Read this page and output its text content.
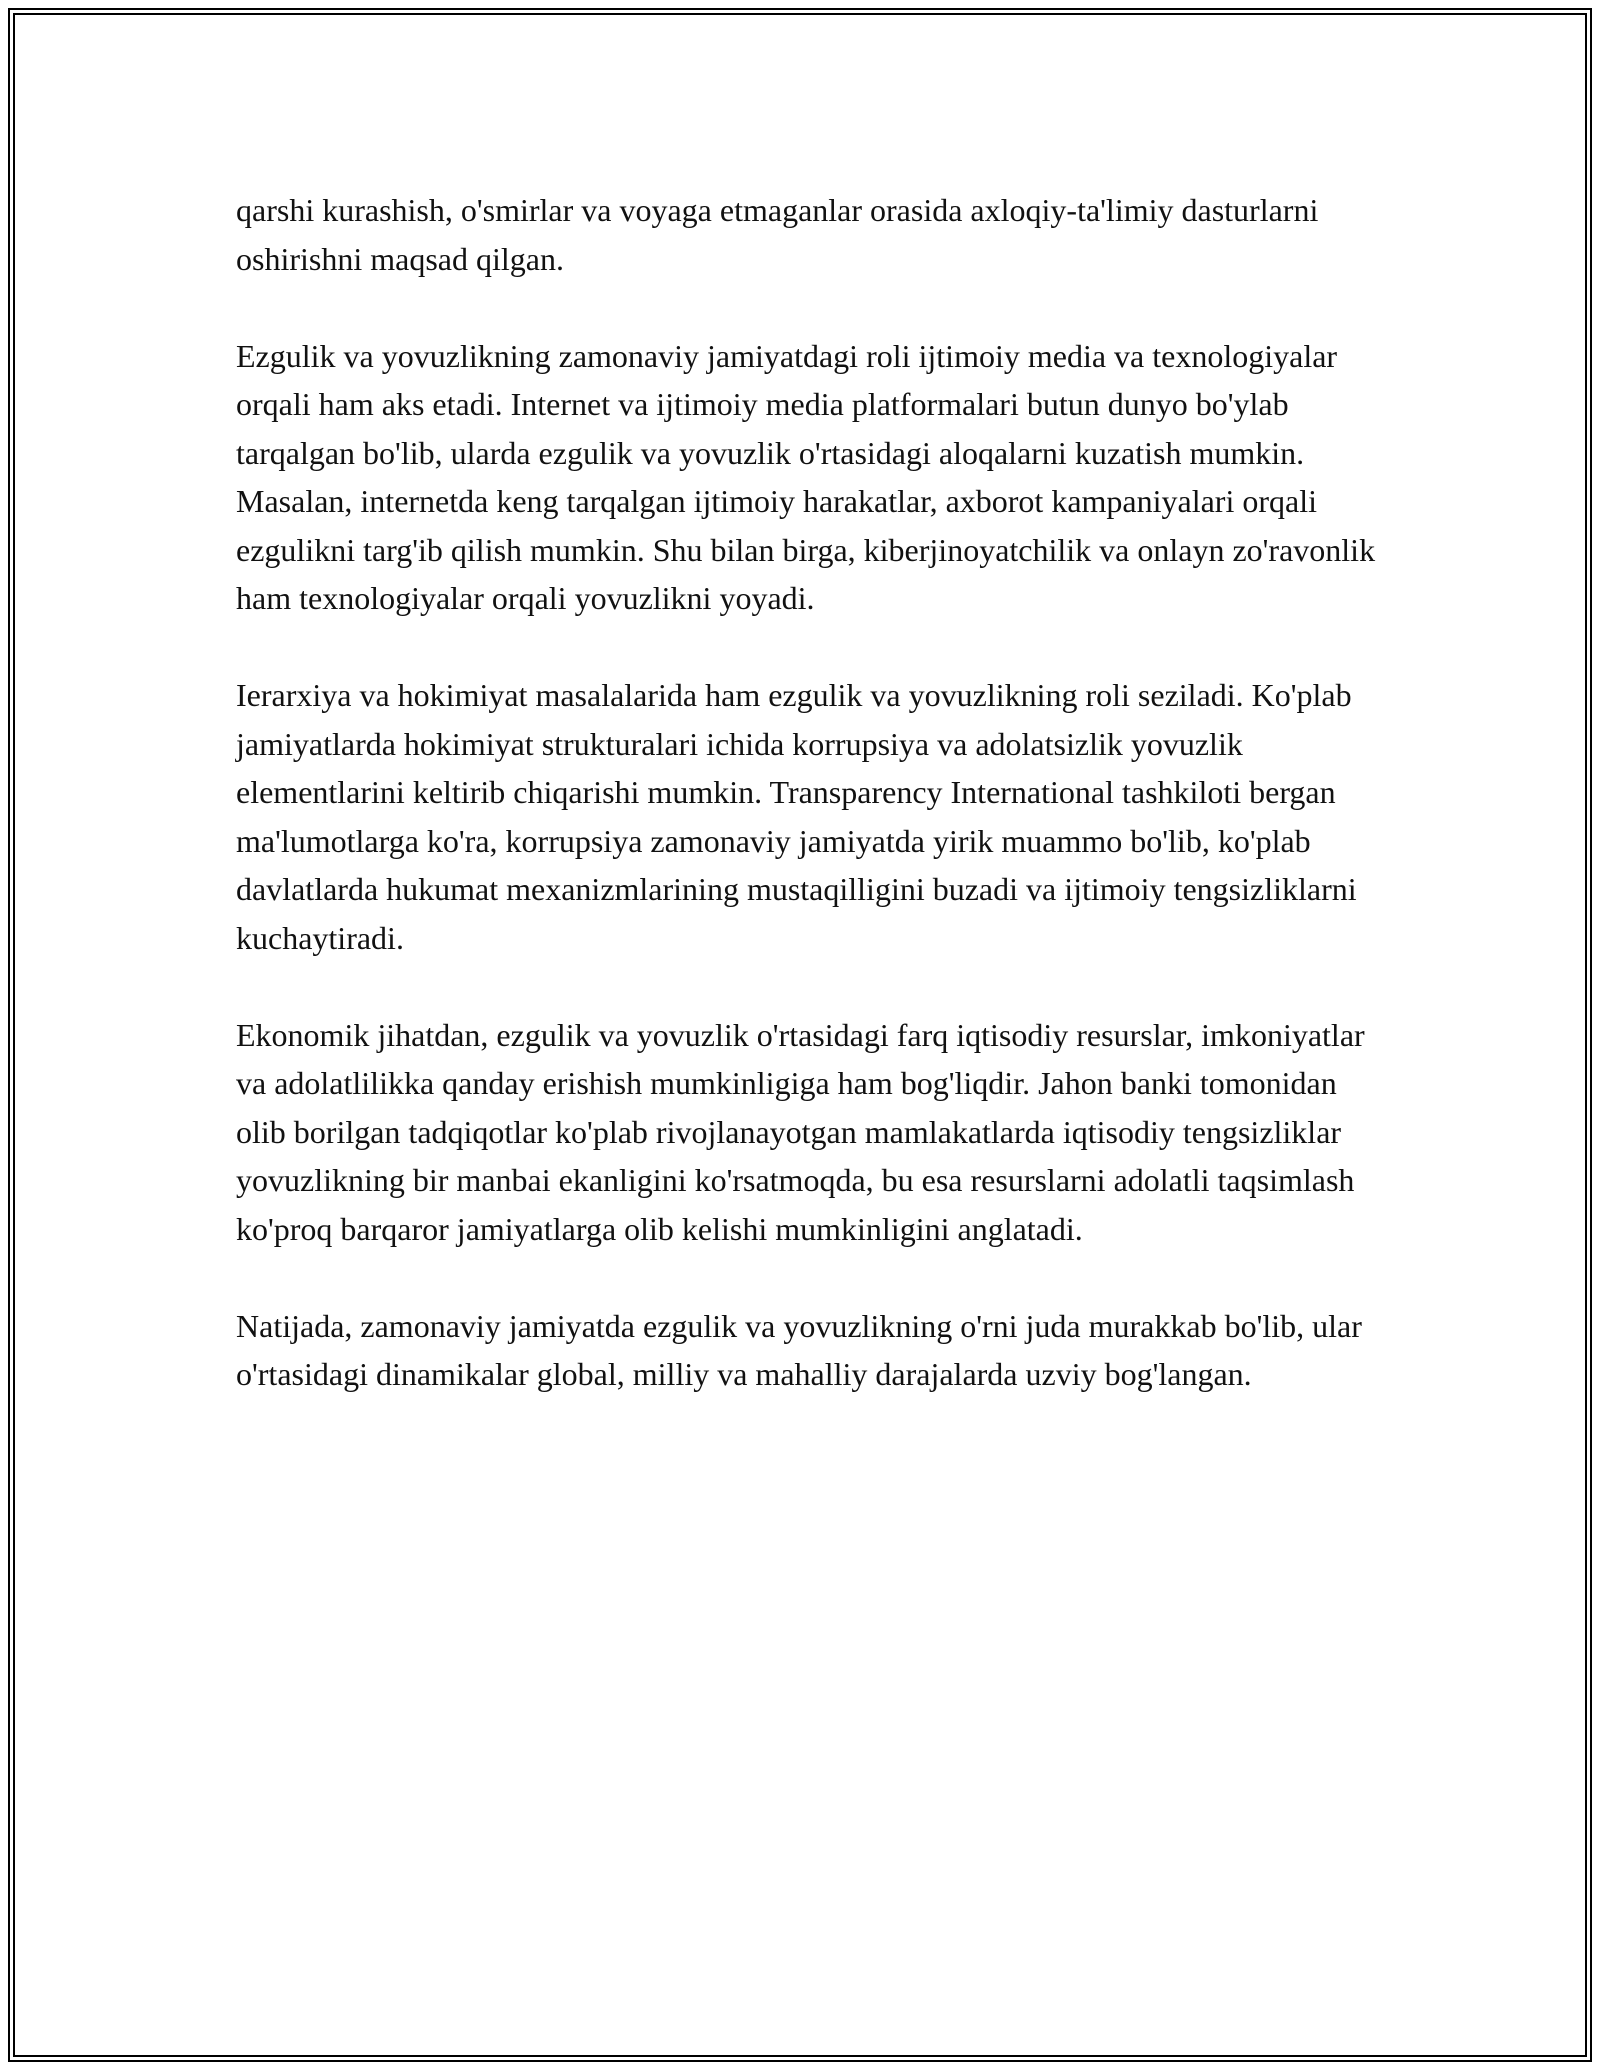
qarshi kurashish, o'smirlar va voyaga etmaganlar orasida axloqiy-ta'limiy dasturlarni oshirishni maqsad qilgan.

Ezgulik va yovuzlikning zamonaviy jamiyatdagi roli ijtimoiy media va texnologiyalar orqali ham aks etadi. Internet va ijtimoiy media platformalari butun dunyo bo'ylab tarqalgan bo'lib, ularda ezgulik va yovuzlik o'rtasidagi aloqalarni kuzatish mumkin. Masalan, internetda keng tarqalgan ijtimoiy harakatlar, axborot kampaniyalari orqali ezgulikni targ'ib qilish mumkin. Shu bilan birga, kiberjinoyatchilik va onlayn zo'ravonlik ham texnologiyalar orqali yovuzlikni yoyadi.

Ierarxiya va hokimiyat masalalarida ham ezgulik va yovuzlikning roli seziladi. Ko'plab jamiyatlarda hokimiyat strukturalari ichida korrupsiya va adolatsizlik yovuzlik elementlarini keltirib chiqarishi mumkin. Transparency International tashkiloti bergan ma'lumotlarga ko'ra, korrupsiya zamonaviy jamiyatda yirik muammo bo'lib, ko'plab davlatlarda hukumat mexanizmlarining mustaqilligini buzadi va ijtimoiy tengsizliklarni kuchaytiradi.

Ekonomik jihatdan, ezgulik va yovuzlik o'rtasidagi farq iqtisodiy resurslar, imkoniyatlar va adolatlilikka qanday erishish mumkinligiga ham bog'liqdir. Jahon banki tomonidan olib borilgan tadqiqotlar ko'plab rivojlanayotgan mamlakatlarda iqtisodiy tengsizliklar yovuzlikning bir manbai ekanligini ko'rsatmoqda, bu esa resurslarni adolatli taqsimlash ko'proq barqaror jamiyatlarga olib kelishi mumkinligini anglatadi.

Natijada, zamonaviy jamiyatda ezgulik va yovuzlikning o'rni juda murakkab bo'lib, ular o'rtasidagi dinamikalar global, milliy va mahalliy darajalarda uzviy bog'langan.
